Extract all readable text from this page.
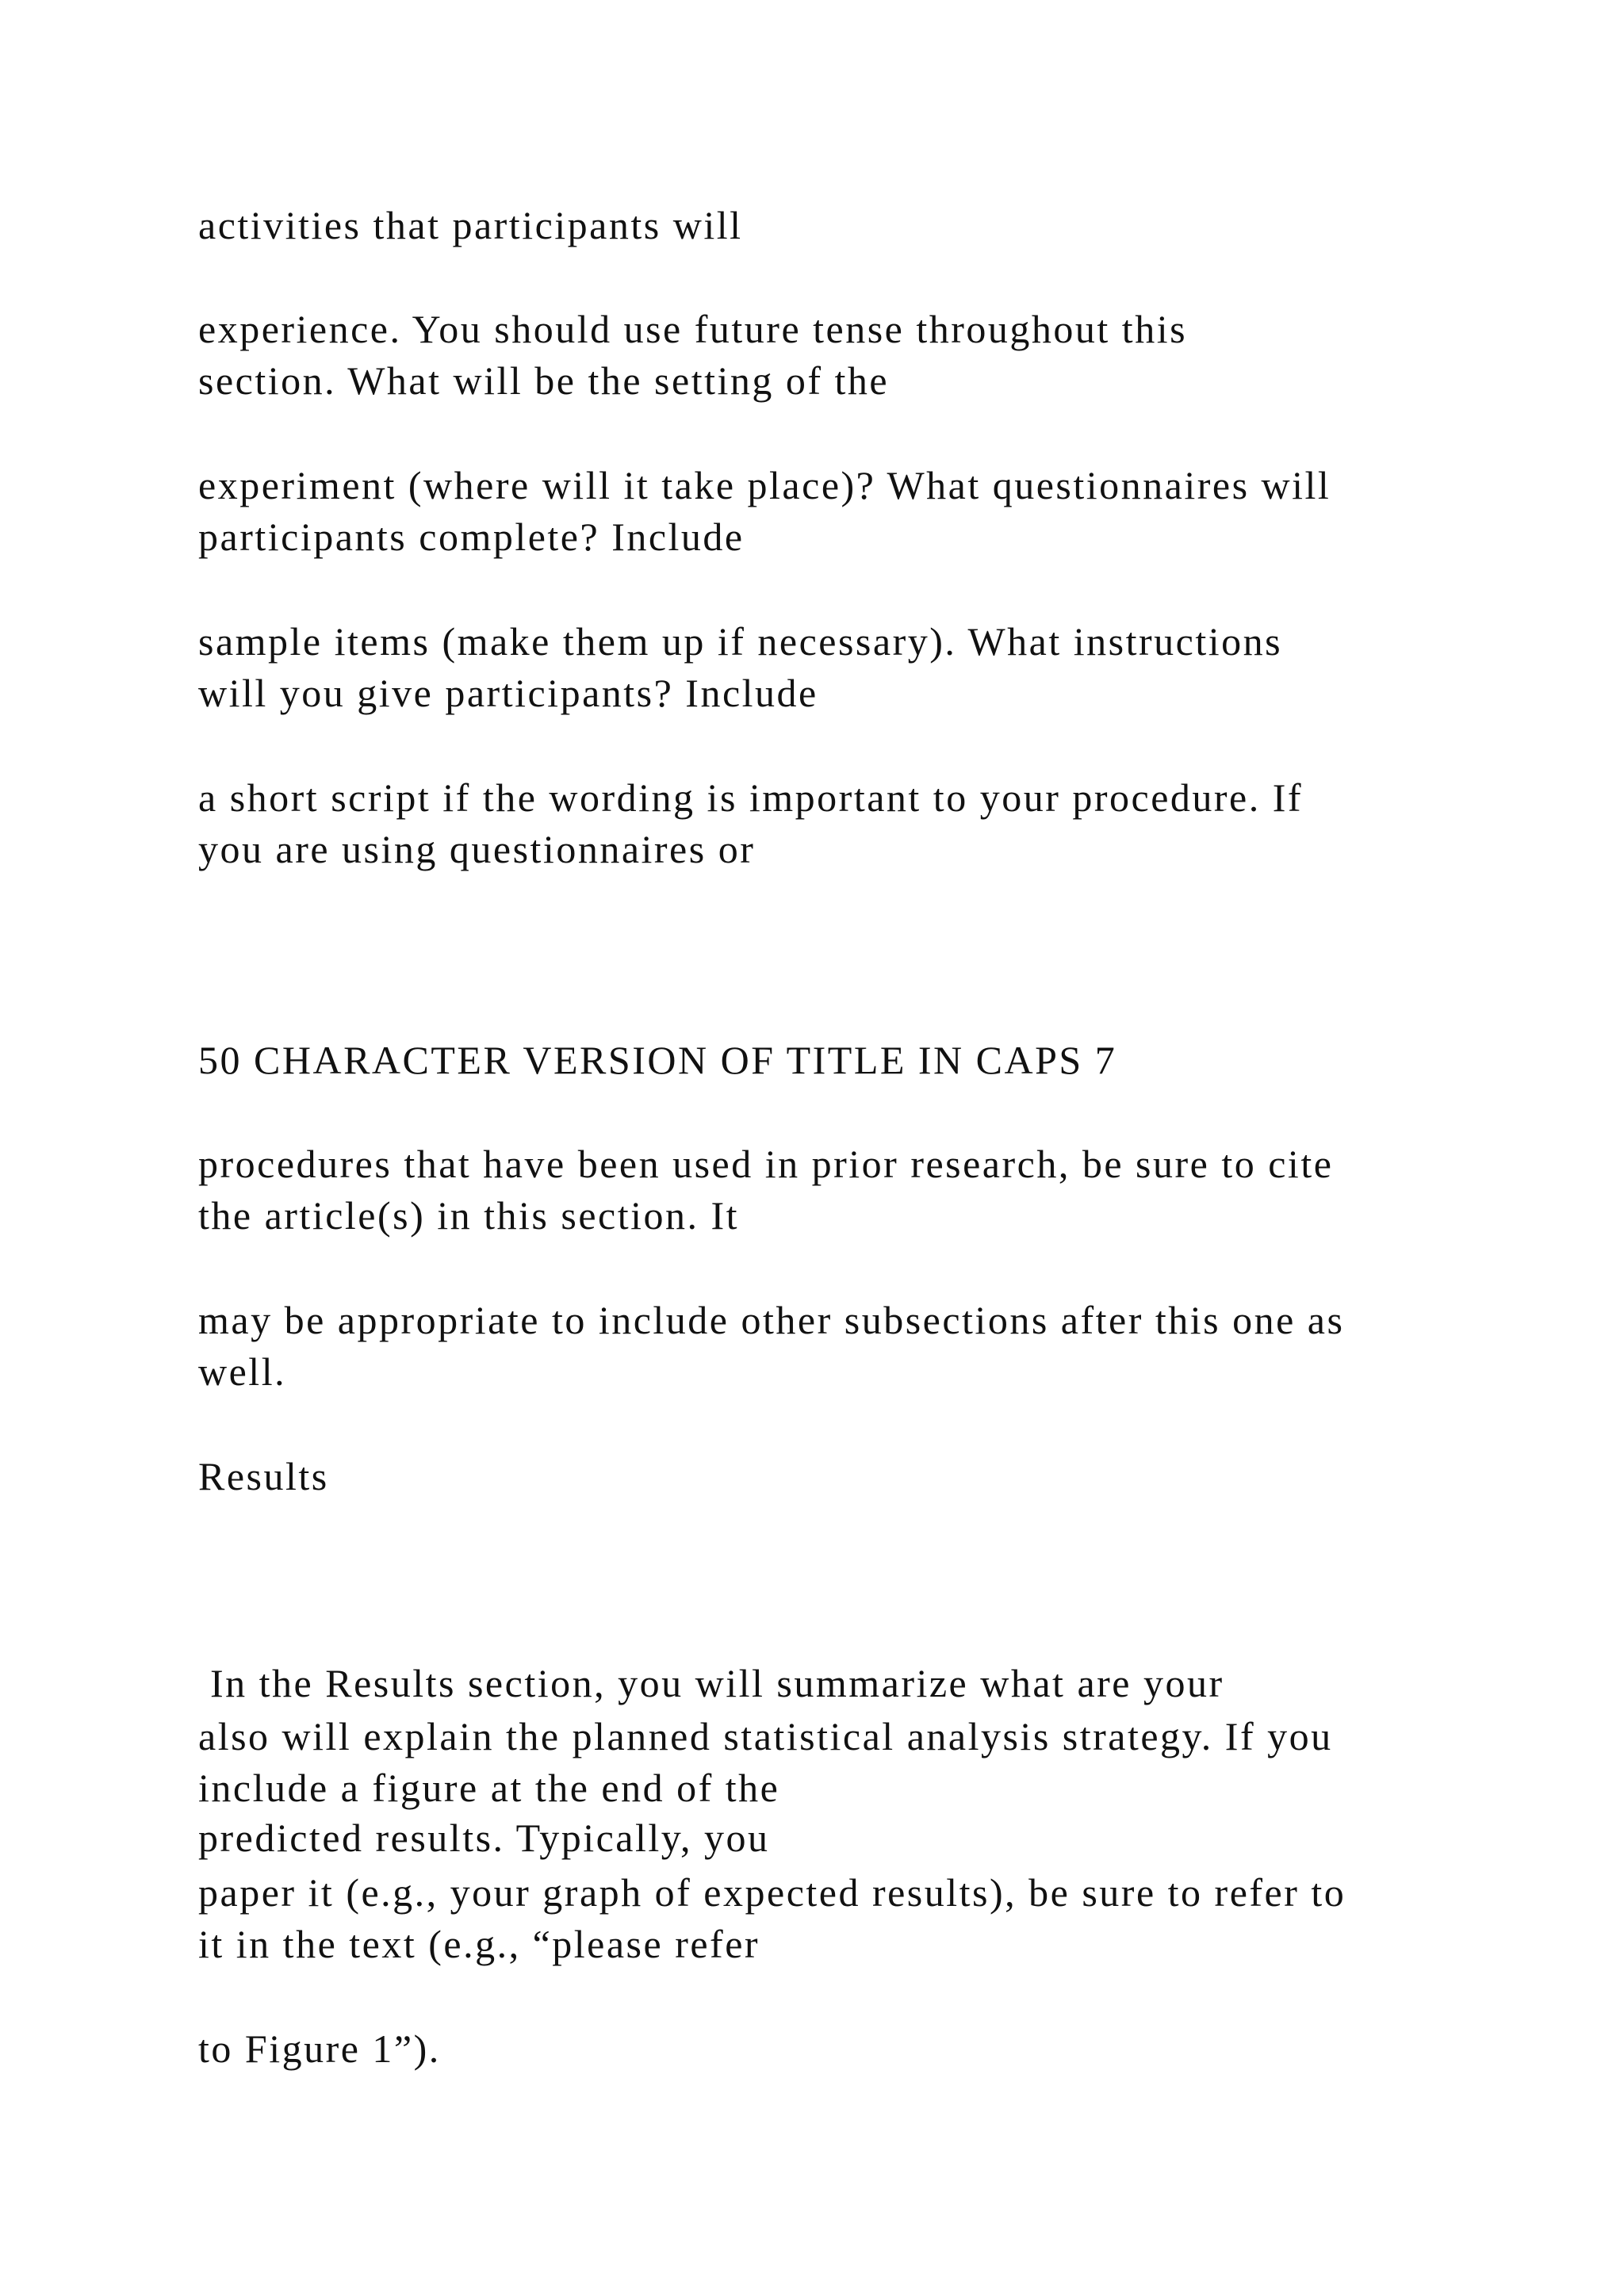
activities that participants will
experience. You should use future tense throughout this
section. What will be the setting of the
experiment (where will it take place)? What questionnaires will
participants complete? Include
sample items (make them up if necessary). What instructions
will you give participants? Include
a short script if the wording is important to your procedure. If
you are using questionnaires or
50 CHARACTER VERSION OF TITLE IN CAPS 7
procedures that have been used in prior research, be sure to cite
the article(s) in this section. It
may be appropriate to include other subsections after this one as
well.
Results

In the Results section, you will summarize what are your

predicted results. Typically, you

also will explain the planned statistical analysis strategy. If you
include a figure at the end of the
paper it (e.g., your graph of expected results), be sure to refer to
it in the text (e.g., “please refer
to Figure 1”).
